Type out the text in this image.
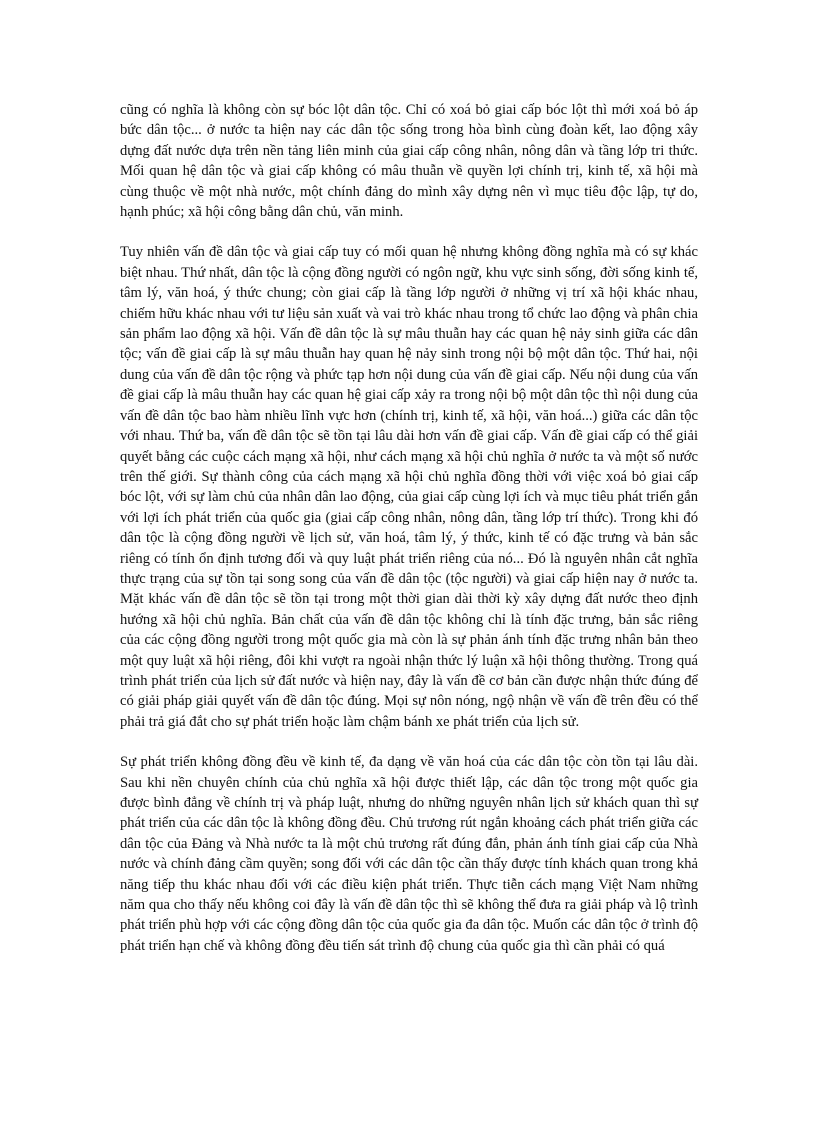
cũng có nghĩa là không còn sự bóc lột dân tộc. Chỉ có xoá bỏ giai cấp bóc lột thì mới xoá bỏ áp bức dân tộc... ở nước ta hiện nay các dân tộc sống trong hòa bình cùng đoàn kết, lao động xây dựng đất nước dựa trên nền tảng liên minh của giai cấp công nhân, nông dân và tầng lớp tri thức. Mối quan hệ dân tộc và giai cấp không có mâu thuẫn về quyền lợi chính trị, kinh tế, xã hội mà cùng thuộc về một nhà nước, một chính đảng do mình xây dựng nên vì mục tiêu độc lập, tự do, hạnh phúc; xã hội công bằng dân chủ, văn minh.

Tuy nhiên vấn đề dân tộc và giai cấp tuy có mối quan hệ nhưng không đồng nghĩa mà có sự khác biệt nhau. Thứ nhất, dân tộc là cộng đồng người có ngôn ngữ, khu vực sinh sống, đời sống kinh tế, tâm lý, văn hoá, ý thức chung; còn giai cấp là tầng lớp người ở những vị trí xã hội khác nhau, chiếm hữu khác nhau với tư liệu sản xuất và vai trò khác nhau trong tổ chức lao động và phân chia sản phẩm lao động xã hội. Vấn đề dân tộc là sự mâu thuẫn hay các quan hệ nảy sinh giữa các dân tộc; vấn đề giai cấp là sự mâu thuẫn hay quan hệ nảy sinh trong nội bộ một dân tộc. Thứ hai, nội dung của vấn đề dân tộc rộng và phức tạp hơn nội dung của vấn đề giai cấp. Nếu nội dung của vấn đề giai cấp là mâu thuẫn hay các quan hệ giai cấp xảy ra trong nội bộ một dân tộc thì nội dung của vấn đề dân tộc bao hàm nhiều lĩnh vực hơn (chính trị, kinh tế, xã hội, văn hoá...) giữa các dân tộc với nhau. Thứ ba, vấn đề dân tộc sẽ tồn tại lâu dài hơn vấn đề giai cấp. Vấn đề giai cấp có thể giải quyết bằng các cuộc cách mạng xã hội, như cách mạng xã hội chủ nghĩa ở nước ta và một số nước trên thế giới. Sự thành công của cách mạng xã hội chủ nghĩa đồng thời với việc xoá bỏ giai cấp bóc lột, với sự làm chủ của nhân dân lao động, của giai cấp cùng lợi ích và mục tiêu phát triển gắn với lợi ích phát triển của quốc gia (giai cấp công nhân, nông dân, tầng lớp trí thức). Trong khi đó dân tộc là cộng đồng người về lịch sử, văn hoá, tâm lý, ý thức, kinh tế có đặc trưng và bản sắc riêng có tính ổn định tương đối và quy luật phát triển riêng của nó... Đó là nguyên nhân cắt nghĩa thực trạng của sự tồn tại song song của vấn đề dân tộc (tộc người) và giai cấp hiện nay ở nước ta. Mặt khác vấn đề dân tộc sẽ tồn tại trong một thời gian dài thời kỳ xây dựng đất nước theo định hướng xã hội chủ nghĩa. Bản chất của vấn đề dân tộc không chỉ là tính đặc trưng, bản sắc riêng của các cộng đồng người trong một quốc gia mà còn là sự phản ánh tính đặc trưng nhân bản theo một quy luật xã hội riêng, đôi khi vượt ra ngoài nhận thức lý luận xã hội thông thường. Trong quá trình phát triển của lịch sử đất nước và hiện nay, đây là vấn đề cơ bản cần được nhận thức đúng để có giải pháp giải quyết vấn đề dân tộc đúng. Mọi sự nôn nóng, ngộ nhận về vấn đề trên đều có thể phải trả giá đắt cho sự phát triển hoặc làm chậm bánh xe phát triển của lịch sử.

Sự phát triển không đồng đều về kinh tế, đa dạng về văn hoá của các dân tộc còn tồn tại lâu dài. Sau khi nền chuyên chính của chủ nghĩa xã hội được thiết lập, các dân tộc trong một quốc gia được bình đẳng về chính trị và pháp luật, nhưng do những nguyên nhân lịch sử khách quan thì sự phát triển của các dân tộc là không đồng đều. Chủ trương rút ngắn khoảng cách phát triển giữa các dân tộc của Đảng và Nhà nước ta là một chủ trương rất đúng đắn, phản ánh tính giai cấp của Nhà nước và chính đảng cầm quyền; song đối với các dân tộc cần thấy được tính khách quan trong khả năng tiếp thu khác nhau đối với các điều kiện phát triển. Thực tiễn cách mạng Việt Nam những năm qua cho thấy nếu không coi đây là vấn đề dân tộc thì sẽ không thể đưa ra giải pháp và lộ trình phát triển phù hợp với các cộng đồng dân tộc của quốc gia đa dân tộc. Muốn các dân tộc ở trình độ phát triển hạn chế và không đồng đều tiến sát trình độ chung của quốc gia thì cần phải có quá
